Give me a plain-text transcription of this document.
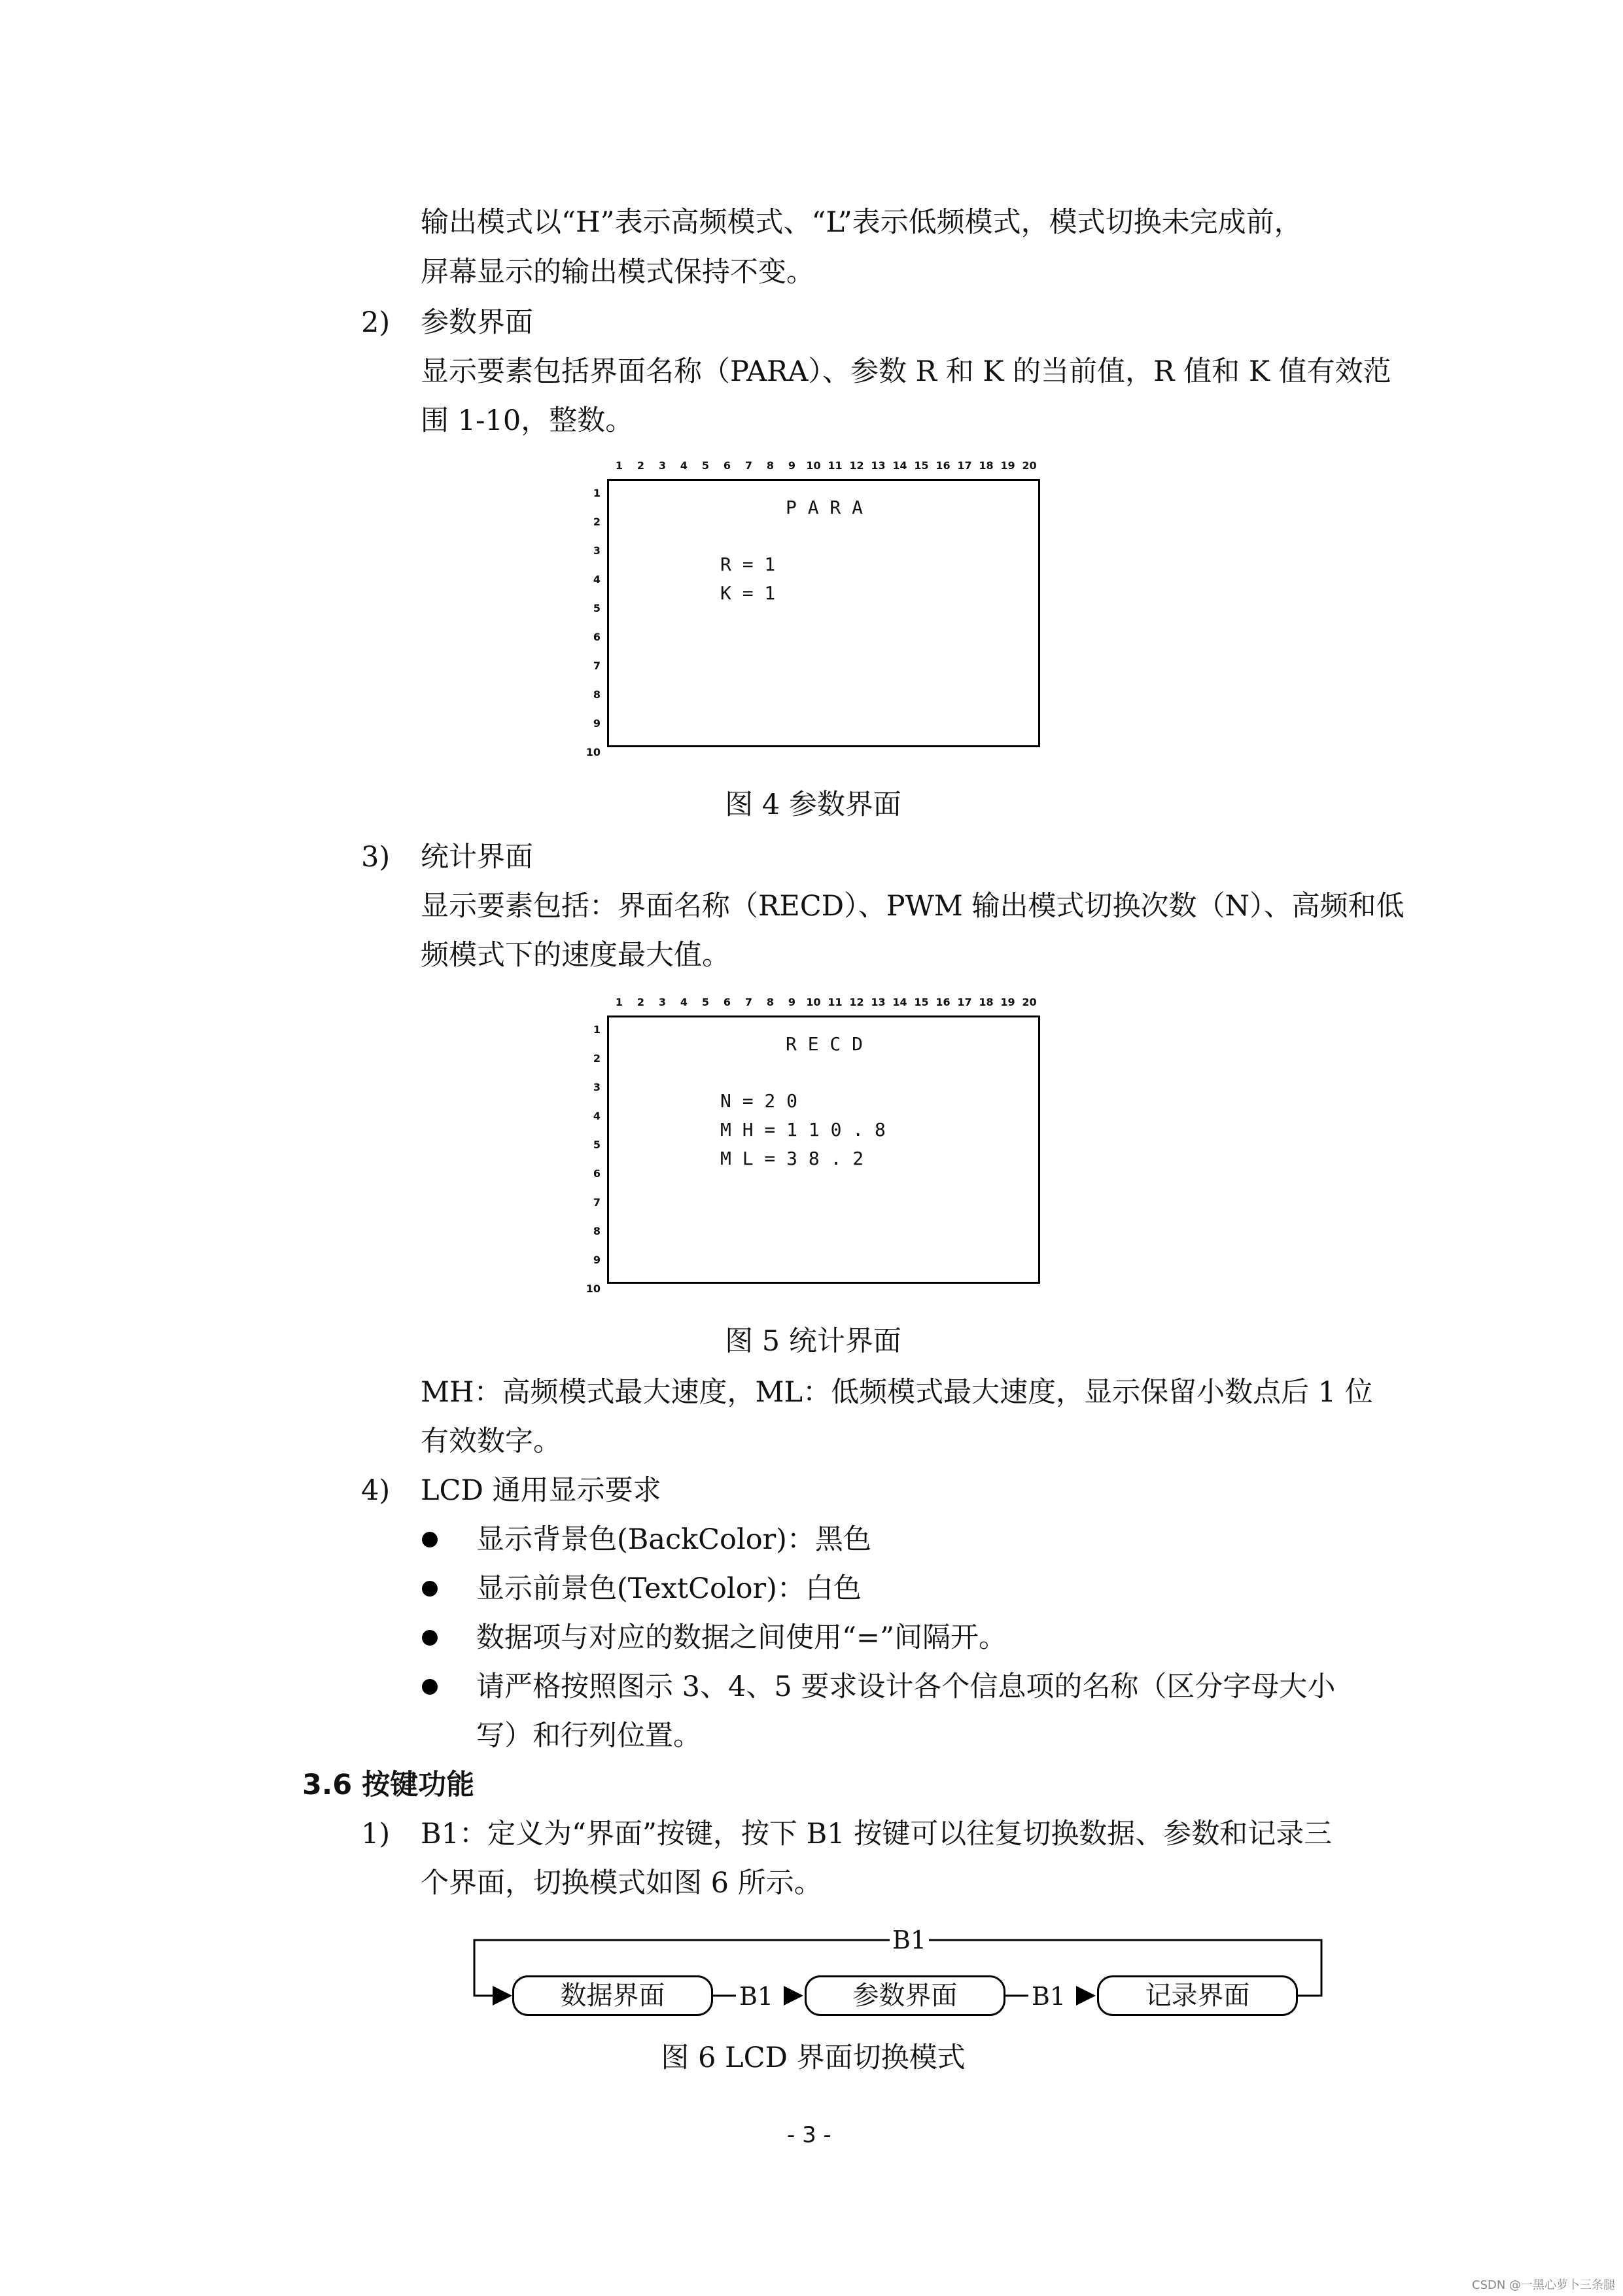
输出模式以“H”表示高频模式、“L”表示低频模式，模式切换未完成前，
屏幕显示的输出模式保持不变。
2) 参数界面
显示要素包括界面名称（PARA）、参数 R 和 K 的当前值，R 值和 K 值有效范
围 1-10，整数。
1	2	3	4	5	6	7	8	9	10 11 12 13 14 15 16 17 18 19 20
1
2
3
4
5
6
7
8
9
10
P A R A
R = 1
K = 1
图 4 参数界面
3) 统计界面
显示要素包括：界面名称（RECD）、PWM 输出模式切换次数（N）、高频和低
频模式下的速度最大值。
1	2	3	4	5	6	7	8	9	10 11 12 13 14 15 16 17 18 19 20
1
2
3
4
5
6
7
8
9
10
R E C D
N = 2 0
M H = 1 1 0 . 8
M L = 3 8 . 2
图 5 统计界面
MH：高频模式最大速度，ML：低频模式最大速度，显示保留小数点后 1 位
有效数字。
4) LCD 通用显示要求
显示背景色(BackColor)：黑色
显示前景色(TextColor)：白色
数据项与对应的数据之间使用“=”间隔开。
请严格按照图示 3、4、5 要求设计各个信息项的名称（区分字母大小
写）和行列位置。
3.6 按键功能
1) B1：定义为“界面”按键，按下 B1 按键可以往复切换数据、参数和记录三
个界面，切换模式如图 6 所示。
B1
B1	B1
数据界面	参数界面	记录界面
图 6 LCD 界面切换模式
- 3 -
CSDN @一黑心萝卜三条腿
